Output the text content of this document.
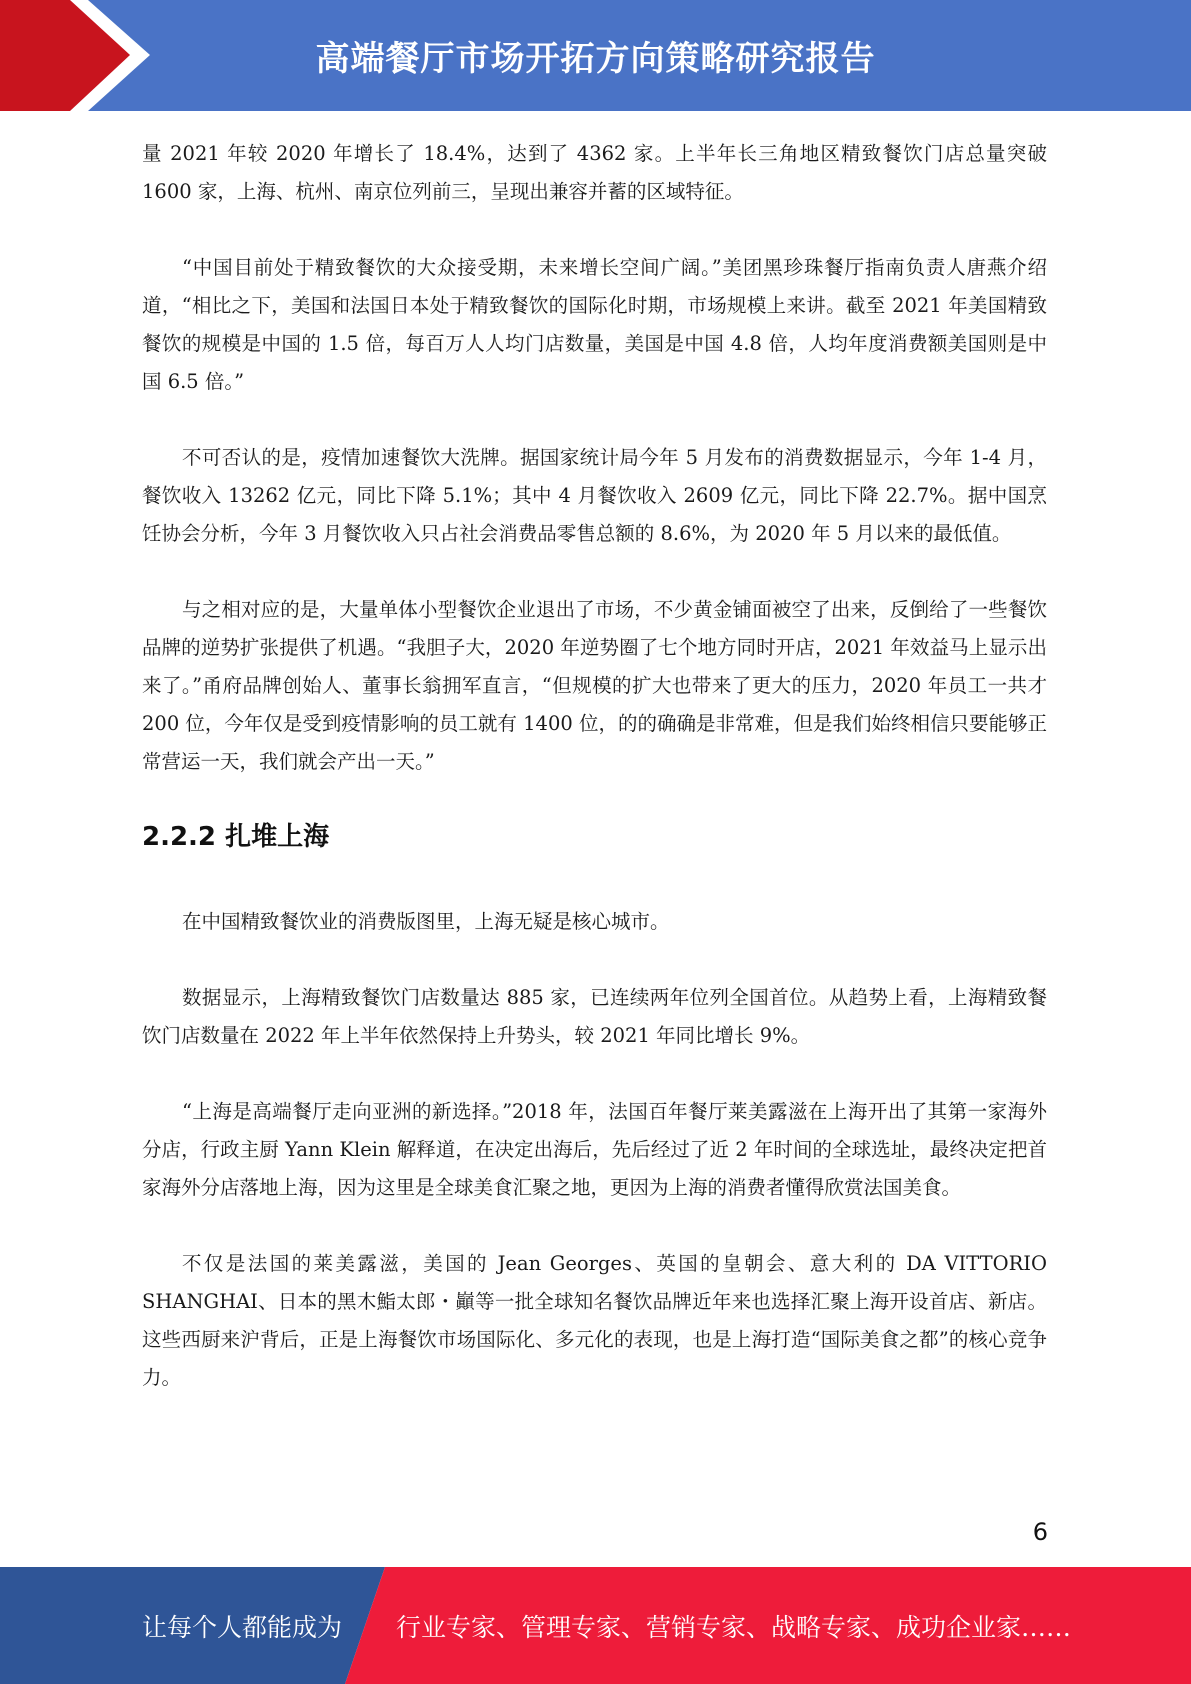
高端餐厅市场开拓方向策略研究报告

量 2021 年较 2020 年增长了 18.4%，达到了 4362 家。上半年长三角地区精致餐饮门店总量突破 1600 家，上海、杭州、南京位列前三，呈现出兼容并蓄的区域特征。

“中国目前处于精致餐饮的大众接受期，未来增长空间广阔。”美团黑珍珠餐厅指南负责人唐燕介绍道，“相比之下，美国和法国日本处于精致餐饮的国际化时期，市场规模上来讲。截至 2021 年美国精致餐饮的规模是中国的 1.5 倍，每百万人人均门店数量，美国是中国 4.8 倍，人均年度消费额美国则是中国 6.5 倍。”

不可否认的是，疫情加速餐饮大洗牌。据国家统计局今年 5 月发布的消费数据显示，今年 1-4 月，餐饮收入 13262 亿元，同比下降 5.1%；其中 4 月餐饮收入 2609 亿元，同比下降 22.7%。据中国烹饪协会分析，今年 3 月餐饮收入只占社会消费品零售总额的 8.6%，为 2020 年 5 月以来的最低值。

与之相对应的是，大量单体小型餐饮企业退出了市场，不少黄金铺面被空了出来，反倒给了一些餐饮品牌的逆势扩张提供了机遇。“我胆子大，2020 年逆势圈了七个地方同时开店，2021 年效益马上显示出来了。”甬府品牌创始人、董事长翁拥军直言，“但规模的扩大也带来了更大的压力，2020 年员工一共才 200 位，今年仅是受到疫情影响的员工就有 1400 位，的的确确是非常难，但是我们始终相信只要能够正常营运一天，我们就会产出一天。”

2.2.2 扎堆上海

在中国精致餐饮业的消费版图里，上海无疑是核心城市。

数据显示，上海精致餐饮门店数量达 885 家，已连续两年位列全国首位。从趋势上看，上海精致餐饮门店数量在 2022 年上半年依然保持上升势头，较 2021 年同比增长 9%。

“上海是高端餐厅走向亚洲的新选择。”2018 年，法国百年餐厅莱美露滋在上海开出了其第一家海外分店，行政主厨 Yann Klein 解释道，在决定出海后，先后经过了近 2 年时间的全球选址，最终决定把首家海外分店落地上海，因为这里是全球美食汇聚之地，更因为上海的消费者懂得欣赏法国美食。

不仅是法国的莱美露滋，美国的 Jean Georges、英国的皇朝会、意大利的 DA VITTORIO SHANGHAI、日本的黑木鮨太郎・巓等一批全球知名餐饮品牌近年来也选择汇聚上海开设首店、新店。这些西厨来沪背后，正是上海餐饮市场国际化、多元化的表现，也是上海打造“国际美食之都”的核心竞争力。

6
让每个人都能成为 行业专家、管理专家、营销专家、战略专家、成功企业家……
